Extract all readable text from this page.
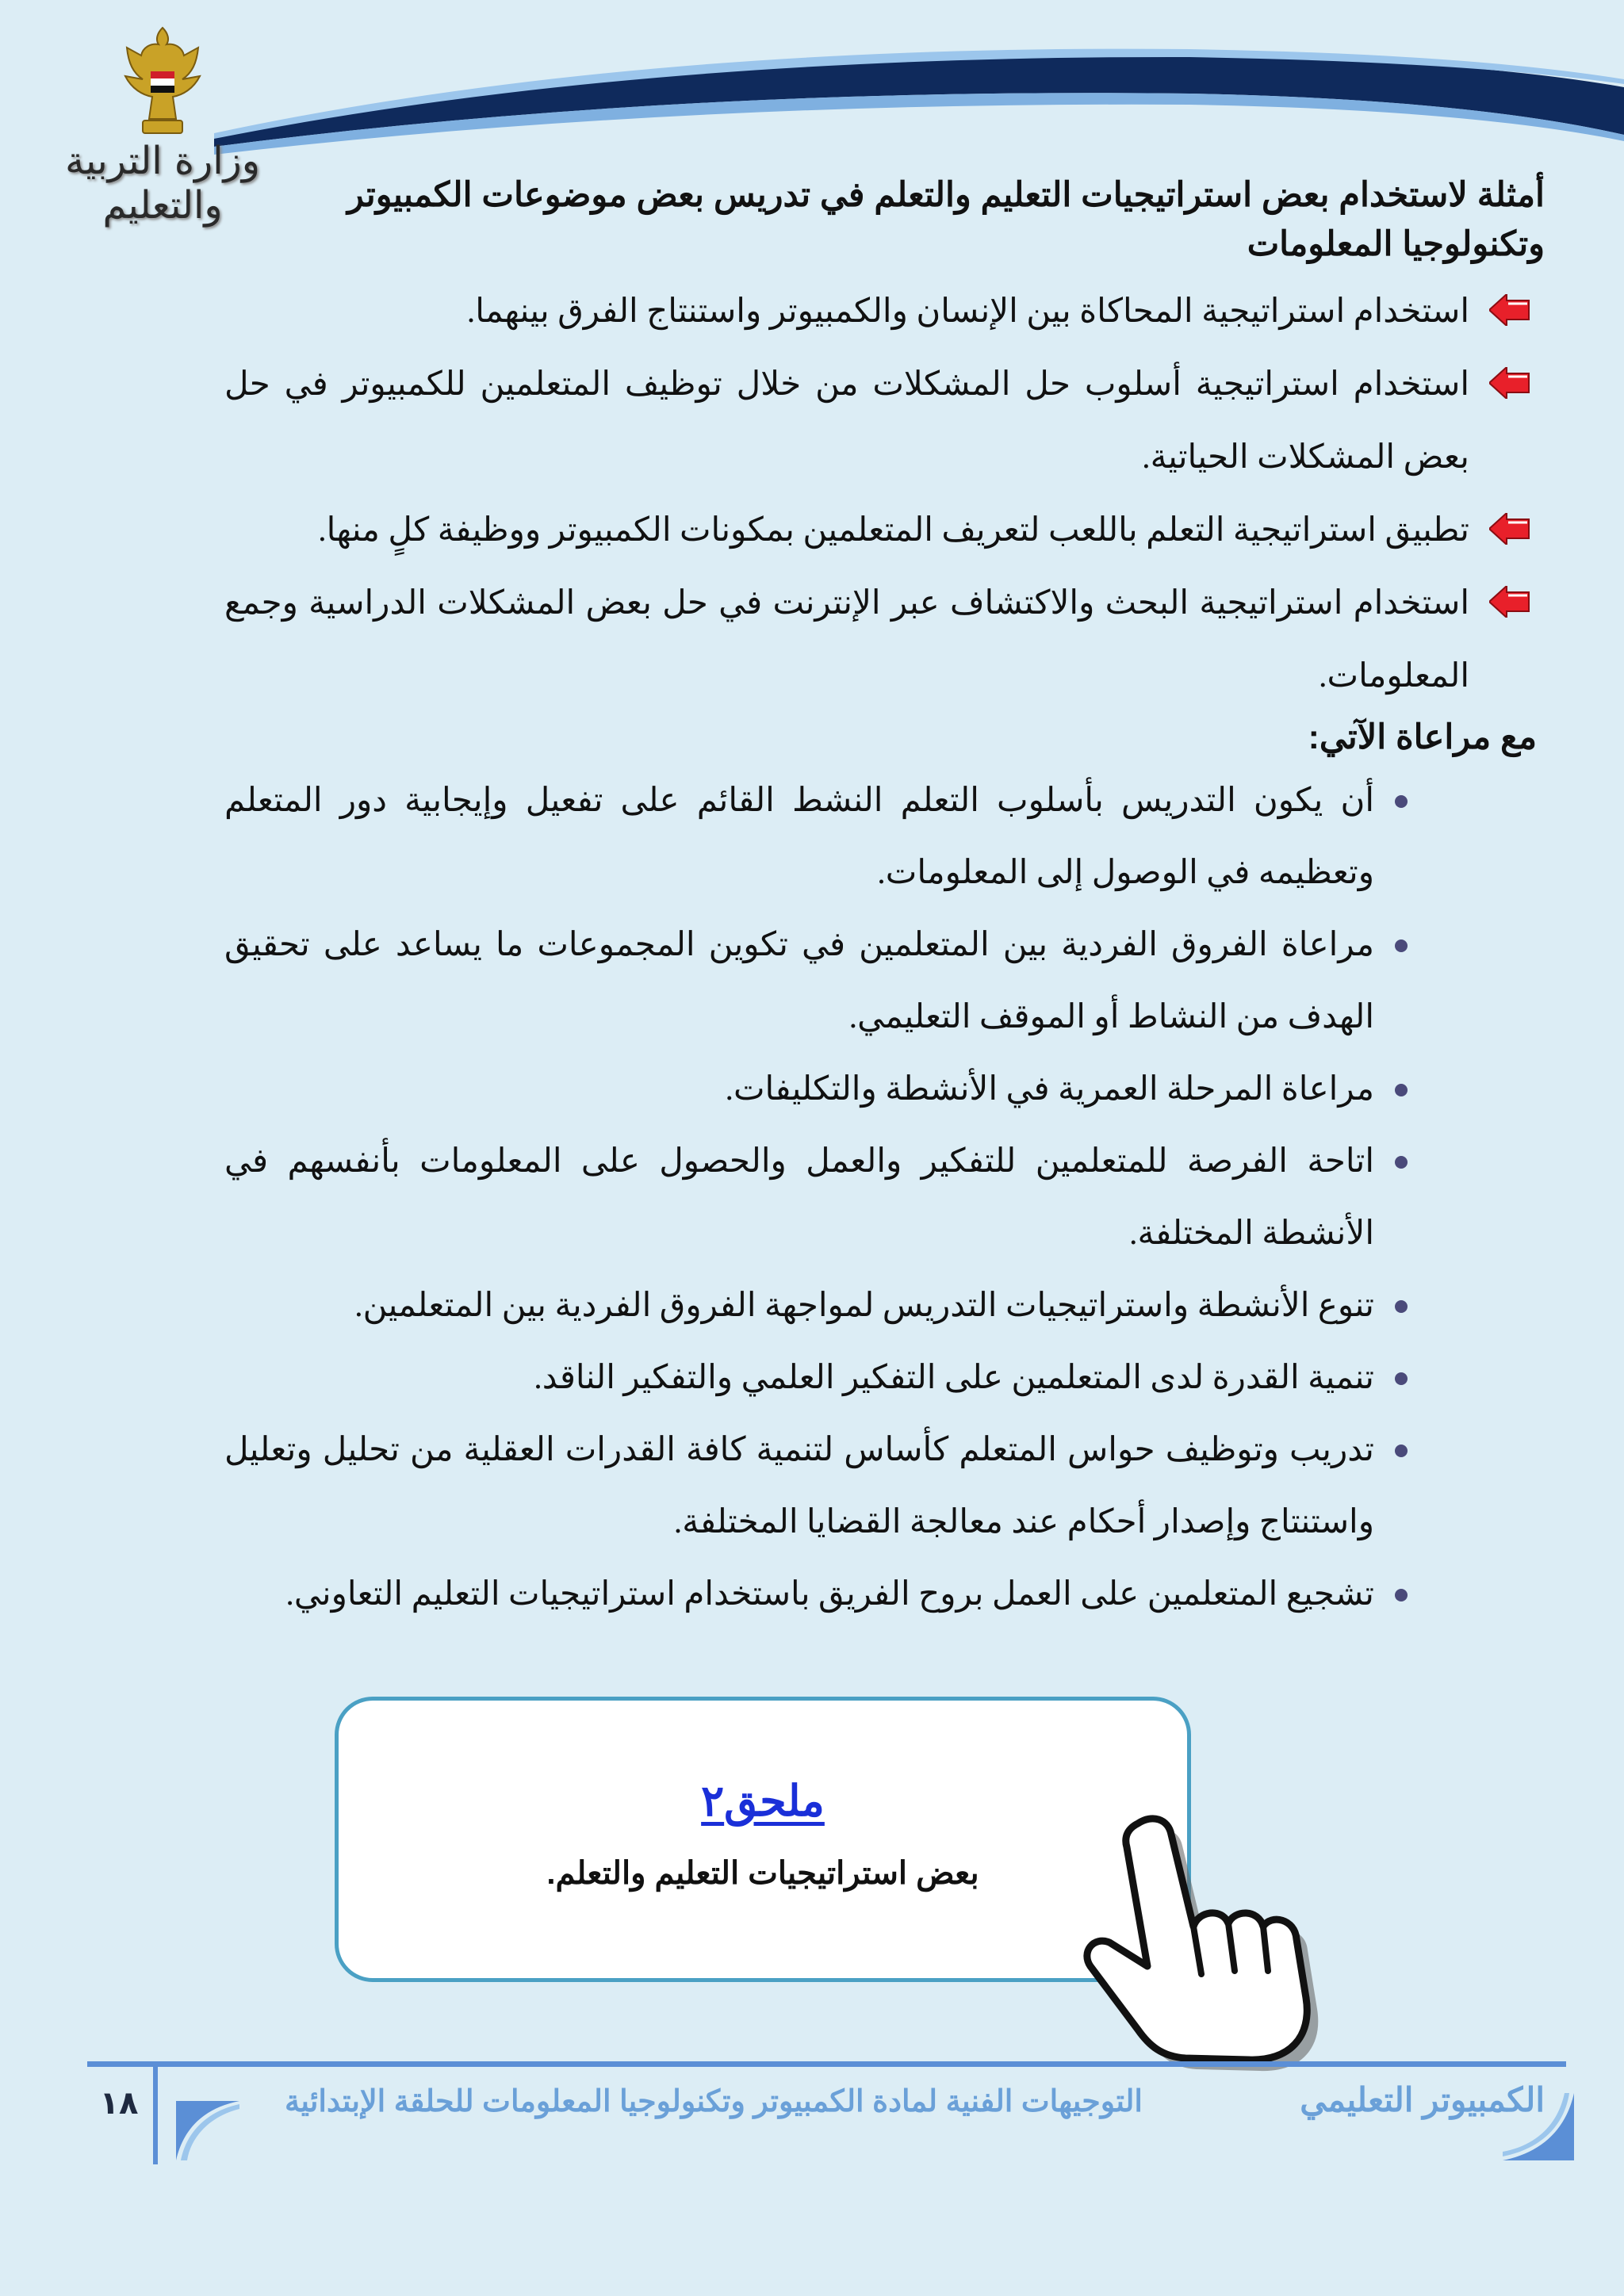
وزارة التربية والتعليم	أمثلة لاستخدام بعض استراتيجيات التعليم والتعلم في تدريس بعض موضوعات الكمبيوتر وتكنولوجيا المعلومات
استخدام استراتيجية المحاكاة بين الإنسان والكمبيوتر واستنتاج الفرق بينهما.
استخدام استراتيجية أسلوب حل المشكلات من خلال توظيف المتعلمين للكمبيوتر في حل بعض المشكلات الحياتية.
تطبيق استراتيجية التعلم باللعب لتعريف المتعلمين بمكونات الكمبيوتر ووظيفة كلٍ منها.
استخدام استراتيجية البحث والاكتشاف عبر الإنترنت في حل بعض المشكلات الدراسية وجمع المعلومات.
مع مراعاة الآتي:
أن يكون التدريس بأسلوب التعلم النشط القائم على تفعيل وإيجابية دور المتعلم وتعظيمه في الوصول إلى المعلومات.
مراعاة الفروق الفردية بين المتعلمين في تكوين المجموعات ما يساعد على تحقيق الهدف من النشاط أو الموقف التعليمي.
مراعاة المرحلة العمرية في الأنشطة والتكليفات.
اتاحة الفرصة للمتعلمين للتفكير والعمل والحصول على المعلومات بأنفسهم في الأنشطة المختلفة.
تنوع الأنشطة واستراتيجيات التدريس لمواجهة الفروق الفردية بين المتعلمين.
تنمية القدرة لدى المتعلمين على التفكير العلمي والتفكير الناقد.
تدريب وتوظيف حواس المتعلم كأساس لتنمية كافة القدرات العقلية من تحليل وتعليل واستنتاج وإصدار أحكام عند معالجة القضايا المختلفة.
تشجيع المتعلمين على العمل بروح الفريق باستخدام استراتيجيات التعليم التعاوني.
ملحق٢
بعض استراتيجيات التعليم والتعلم.
١٨	التوجيهات الفنية لمادة الكمبيوتر وتكنولوجيا المعلومات للحلقة الإبتدائية	الكمبيوتر التعليمي
